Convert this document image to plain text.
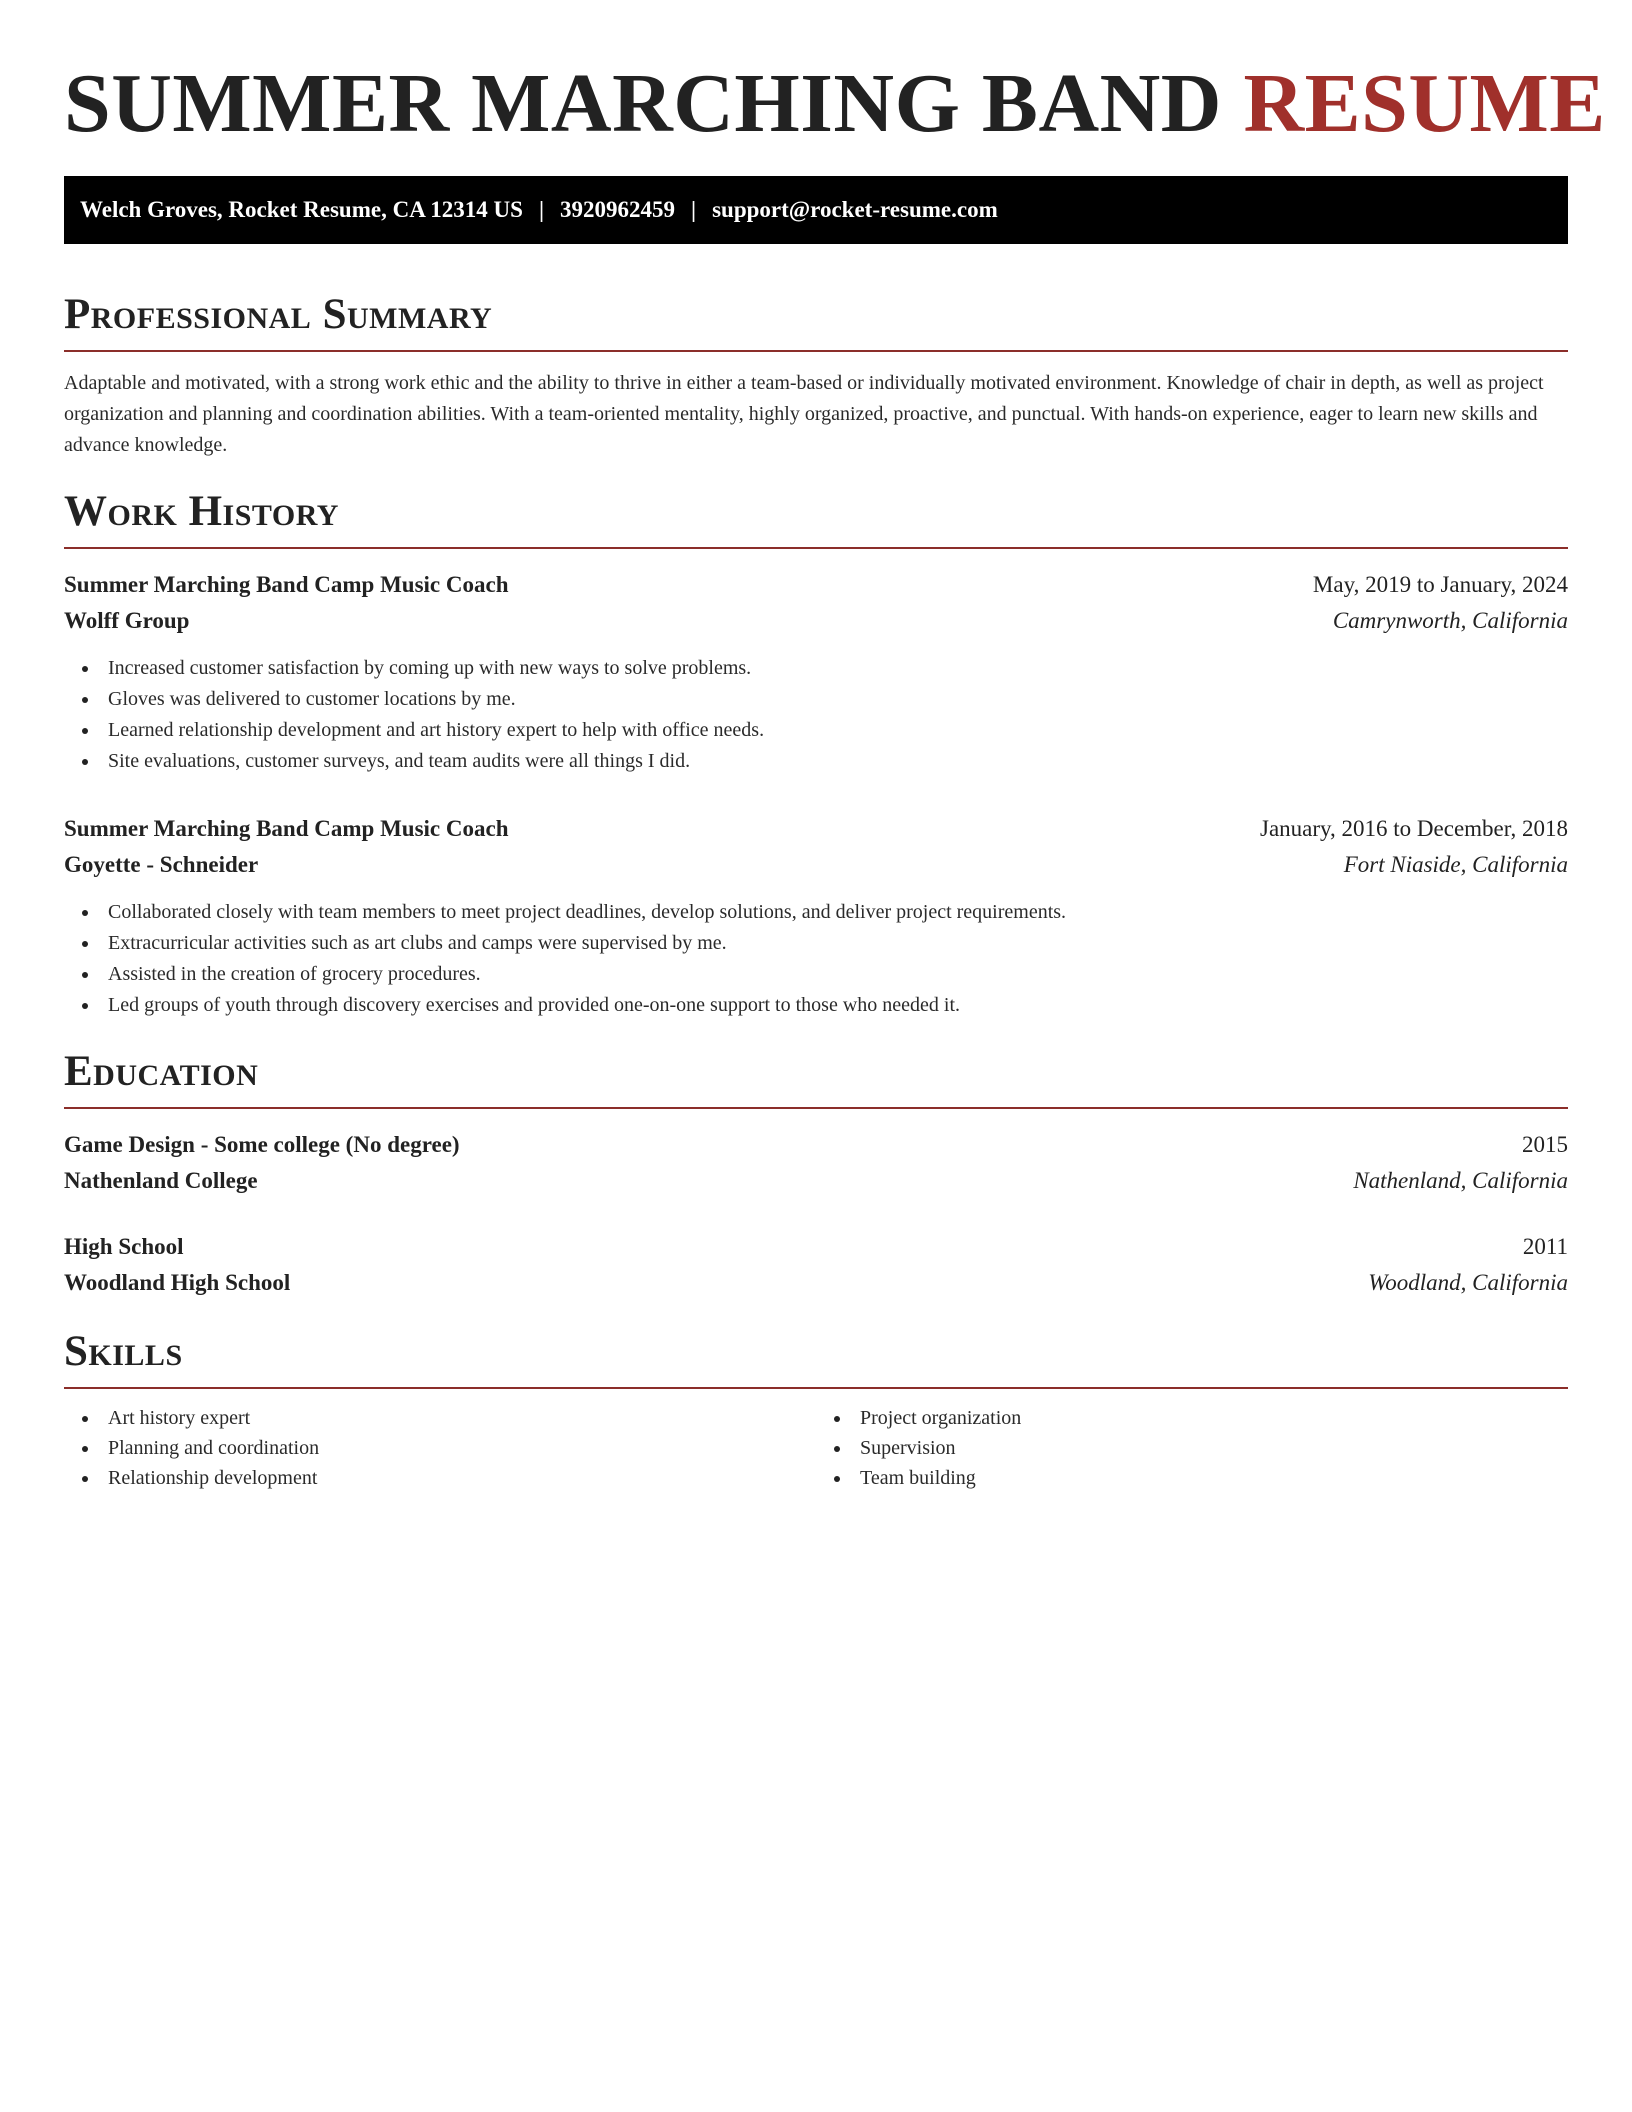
SUMMER MARCHING BAND RESUME
Welch Groves, Rocket Resume, CA 12314 US | 3920962459 | support@rocket-resume.com
Professional Summary

Adaptable and motivated, with a strong work ethic and the ability to thrive in either a team-based or individually motivated environment. Knowledge of chair in depth, as well as project organization and planning and coordination abilities. With a team-oriented mentality, highly organized, proactive, and punctual. With hands-on experience, eager to learn new skills and advance knowledge.

Work History
Summer Marching Band Camp Music Coach	May, 2019 to January, 2024
Wolff Group	Camrynworth, California
Increased customer satisfaction by coming up with new ways to solve problems.
Gloves was delivered to customer locations by me.
Learned relationship development and art history expert to help with office needs.
Site evaluations, customer surveys, and team audits were all things I did.
Summer Marching Band Camp Music Coach	January, 2016 to December, 2018
Goyette - Schneider	Fort Niaside, California
Collaborated closely with team members to meet project deadlines, develop solutions, and deliver project requirements.
Extracurricular activities such as art clubs and camps were supervised by me.
Assisted in the creation of grocery procedures.
Led groups of youth through discovery exercises and provided one-on-one support to those who needed it.
Education
Game Design - Some college (No degree)	2015
Nathenland College	Nathenland, California
High School	2011
Woodland High School	Woodland, California
Skills
Art history expert
Planning and coordination
Relationship development
Project organization
Supervision
Team building
